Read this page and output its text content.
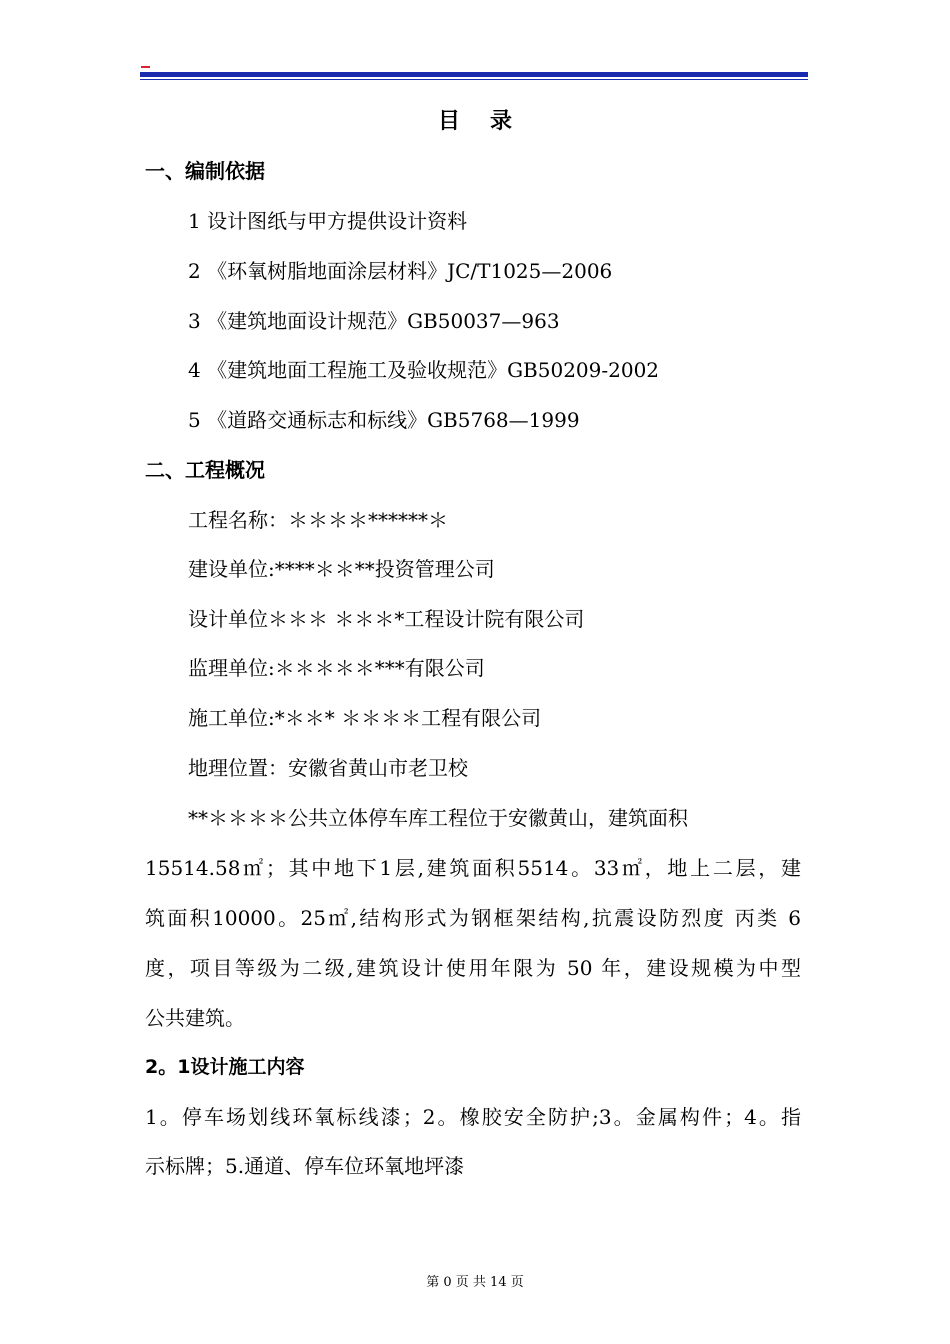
目 录
一、编制依据
1 设计图纸与甲方提供设计资料
2 《环氧树脂地面涂层材料》JC/T1025—2006
3 《建筑地面设计规范》GB50037—963
4 《建筑地面工程施工及验收规范》GB50209-2002
5 《道路交通标志和标线》GB5768—1999
二、工程概况
工程名称：＊＊＊＊******＊
建设单位:****＊＊**投资管理公司
设计单位＊＊＊ ＊＊＊*工程设计院有限公司
监理单位:＊＊＊＊＊***有限公司
施工单位:*＊＊* ＊＊＊＊工程有限公司
地理位置：安徽省黄山市老卫校
**＊＊＊＊公共立体停车库工程位于安徽黄山，建筑面积
15514.58㎡；其中地下1层,建筑面积5514。33㎡，地上二层，建
筑面积10000。25㎡,结构形式为钢框架结构,抗震设防烈度 丙类 6
度，项目等级为二级,建筑设计使用年限为 50 年，建设规模为中型
公共建筑。
2。1设计施工内容
1。停车场划线环氧标线漆；2。橡胶安全防护;3。金属构件；4。指
示标牌；5.通道、停车位环氧地坪漆
第 0 页 共 14 页
